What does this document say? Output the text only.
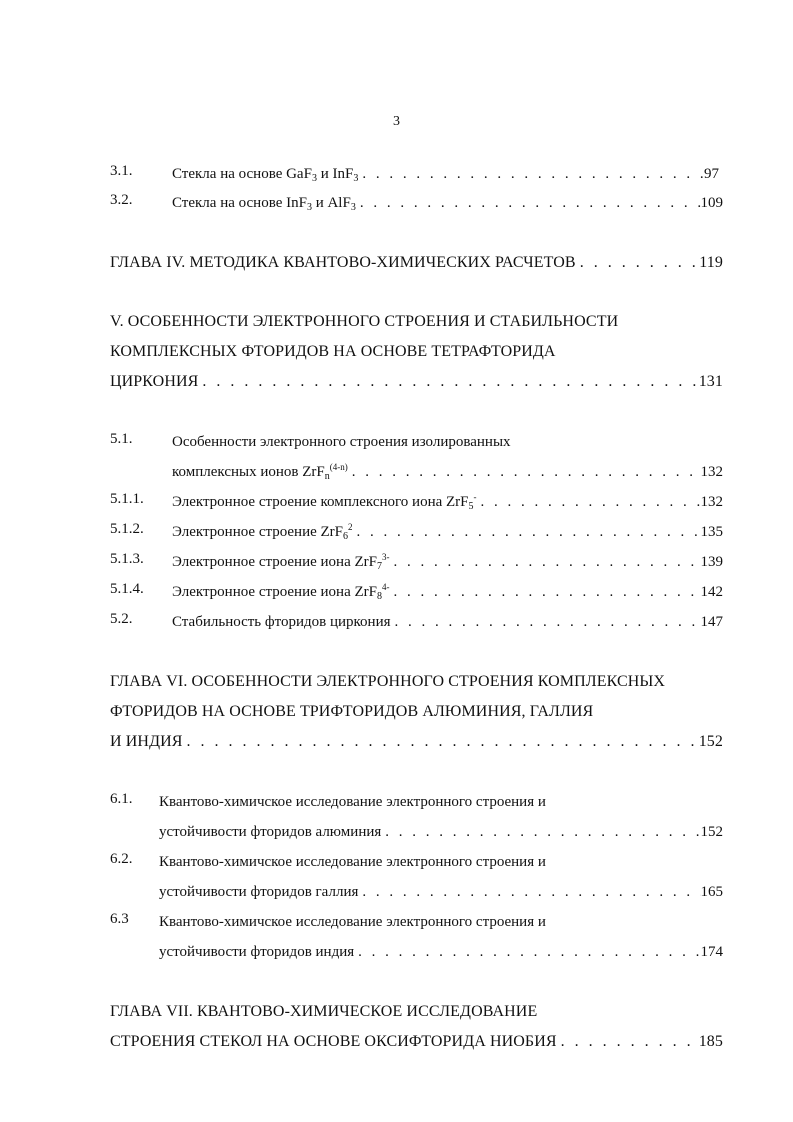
3
3.1.	Стекла на основе GaF$_3$ и InF$_3$ . . .	97
3.2.	Стекла на основе InF$_3$ и AlF$_3$ . . .	109
ГЛАВА IV. МЕТОДИКА КВАНТОВО-ХИМИЧЕСКИХ РАСЧЕТОВ . . .	119
V. ОСОБЕННОСТИ ЭЛЕКТРОННОГО СТРОЕНИЯ И СТАБИЛЬНОСТИ
КОМПЛЕКСНЫХ ФТОРИДОВ НА ОСНОВЕ ТЕТРАФТОРИДА
ЦИРКОНИЯ . . .	131
5.1.	Особенности электронного строения изолированных
комплексных ионов ZrF$_n^{(4-n)}$ . . .	132
5.1.1. Электронное строение комплексного иона ZrF$_5$- . . .	132
5.1.2. Электронное строение ZrF$_6^2$ . . .	135
5.1.3. Электронное строение иона ZrF$_7^{3-}$ . . .	139
5.1.4. Электронное строение иона ZrF$_8^{4-}$ . . .	142
5.2.	Стабильность фторидов циркония . . .	147
ГЛАВА VI. ОСОБЕННОСТИ ЭЛЕКТРОННОГО СТРОЕНИЯ КОМПЛЕКСНЫХ
ФТОРИДОВ НА ОСНОВЕ ТРИФТОРИДОВ АЛЮМИНИЯ, ГАЛЛИЯ
И ИНДИЯ . . .	152
6.1. Квантово-химичское исследование электронного строения и
устойчивости фторидов алюминия . . .	152
6.2. Квантово-химичское исследование электронного строения и
устойчивости фторидов галлия . . .	165
6.3 Квантово-химичское исследование электронного строения и
устойчивости фторидов индия . . .	174
ГЛАВА VII. КВАНТОВО-ХИМИЧЕСКОЕ ИССЛЕДОВАНИЕ
СТРОЕНИЯ СТЕКОЛ НА ОСНОВЕ ОКСИФТОРИДА НИОБИЯ . . .	185
